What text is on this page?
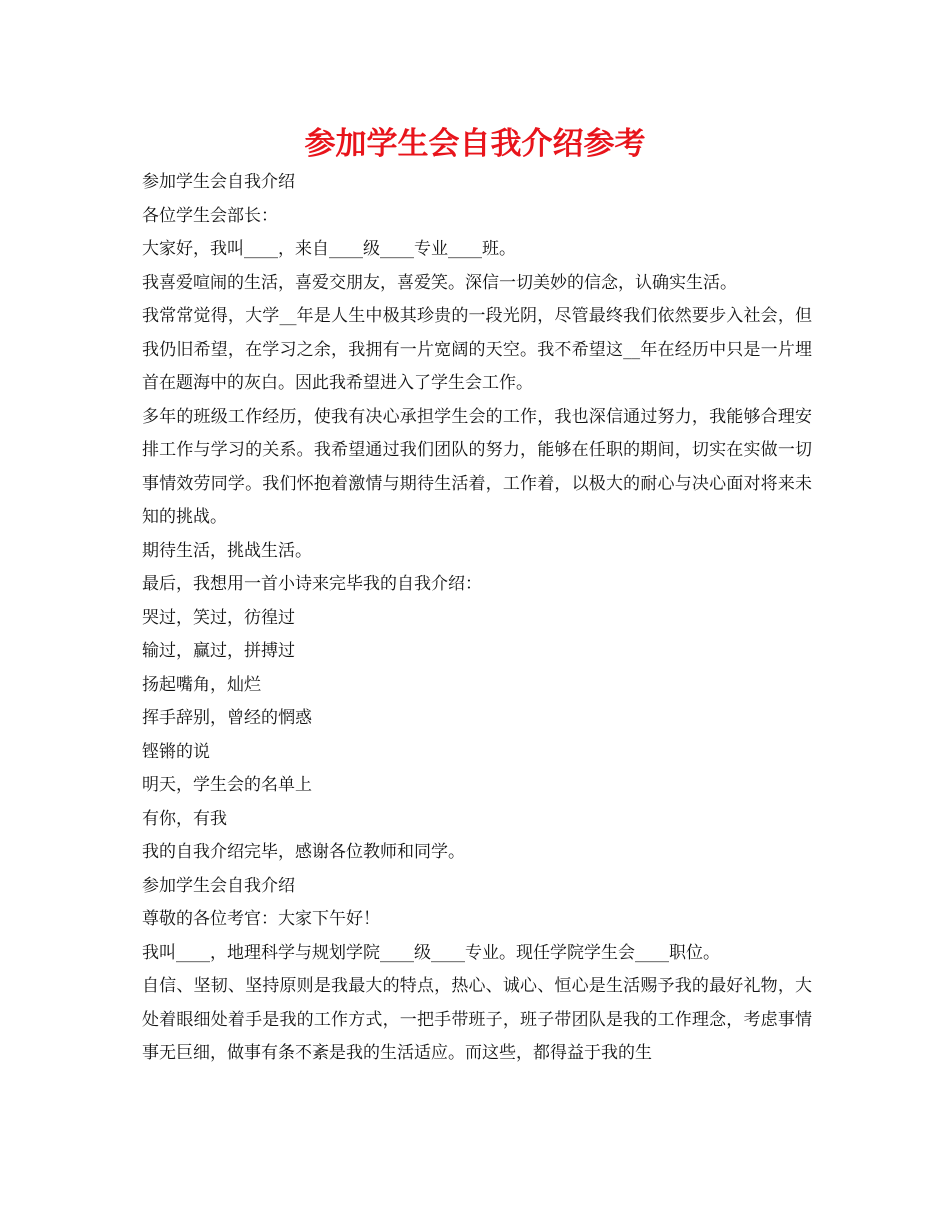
参加学生会自我介绍参考

参加学生会自我介绍

各位学生会部长：

大家好，我叫____，来自____级____专业____班。

我喜爱喧闹的生活，喜爱交朋友，喜爱笑。深信一切美妙的信念，认确实生活。

我常常觉得，大学__年是人生中极其珍贵的一段光阴，尽管最终我们依然要步入社会，但我仍旧希望，在学习之余，我拥有一片宽阔的天空。我不希望这__年在经历中只是一片埋首在题海中的灰白。因此我希望进入了学生会工作。

多年的班级工作经历，使我有决心承担学生会的工作，我也深信通过努力，我能够合理安排工作与学习的关系。我希望通过我们团队的努力，能够在任职的期间，切实在实做一切事情效劳同学。我们怀抱着激情与期待生活着，工作着，以极大的耐心与决心面对将来未知的挑战。

期待生活，挑战生活。

最后，我想用一首小诗来完毕我的自我介绍：

哭过，笑过，彷徨过

输过，赢过，拼搏过

扬起嘴角，灿烂

挥手辞别，曾经的惘惑

铿锵的说

明天，学生会的名单上

有你，有我

我的自我介绍完毕，感谢各位教师和同学。

参加学生会自我介绍

尊敬的各位考官：大家下午好！

我叫____，地理科学与规划学院____级____专业。现任学院学生会____职位。

自信、坚韧、坚持原则是我最大的特点，热心、诚心、恒心是生活赐予我的最好礼物，大处着眼细处着手是我的工作方式，一把手带班子，班子带团队是我的工作理念，考虑事情事无巨细，做事有条不紊是我的生活适应。而这些，都得益于我的生
